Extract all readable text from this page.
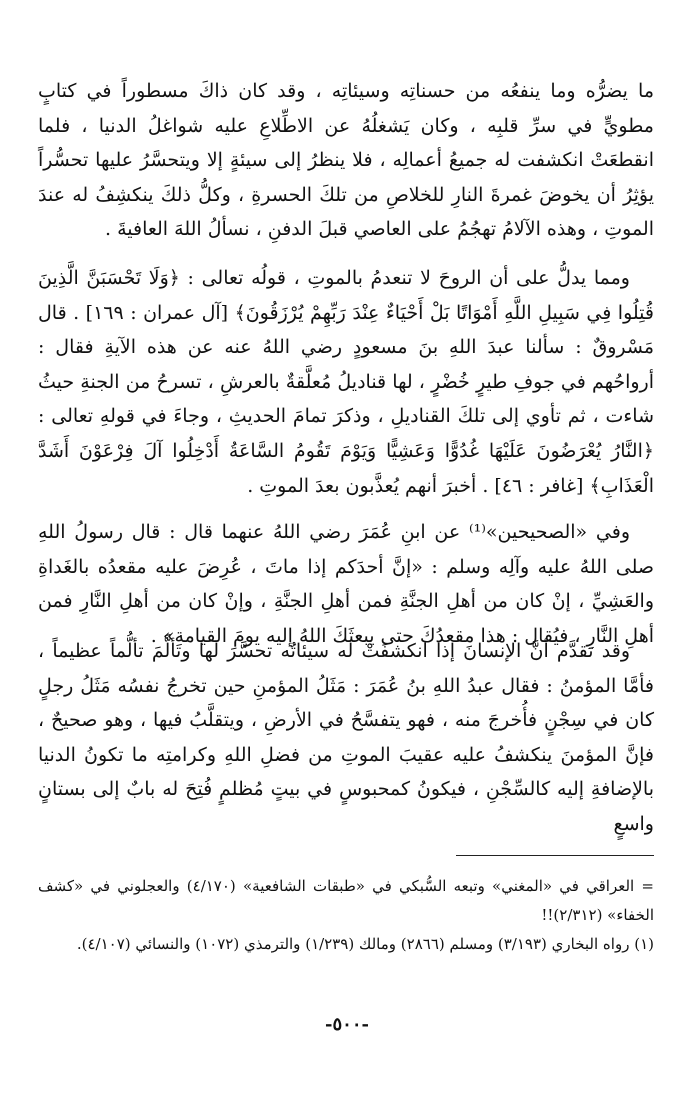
ما يضرُّه وما ينفعُه من حسناتِه وسيئاتِه ، وقد كان ذاكَ مسطوراً في كتابٍ مطويٍّ في سرِّ قلبِه ، وكان يَشغلُهُ عن الاطِّلاعِ عليه شواغلُ الدنيا ، فلما انقطعَتْ انكشفت له جميعُ أعمالِه ، فلا ينظرُ إلى سيئةٍ إلا ويتحسَّرُ عليها تحسُّراً يؤثِرُ أن يخوضَ غمرةَ النارِ للخلاصِ من تلكَ الحسرةِ ، وكلُّ ذلكَ ينكشِفُ له عندَ الموتِ ، وهذه الآلامُ تهجُمُ على العاصي قبلَ الدفنِ ، نسألُ اللهَ العافيةَ .

ومما يدلُّ على أن الروحَ لا تنعدمُ بالموتِ ، قولُه تعالى : ﴿وَلَا تَحْسَبَنَّ الَّذِينَ قُتِلُوا فِي سَبِيلِ اللَّهِ أَمْوَاتًا بَلْ أَحْيَاءٌ عِنْدَ رَبِّهِمْ يُرْزَقُونَ﴾ [آل عمران : ١٦٩] . قال مَسْروقٌ : سألنا عبدَ اللهِ بنَ مسعودٍ رضي اللهُ عنه عن هذه الآيةِ فقال : أرواحُهم في جوفِ طيرٍ خُضْرٍ ، لها قناديلُ مُعلَّقةٌ بالعرشِ ، تسرحُ من الجنةِ حيثُ شاءت ، ثم تأوي إلى تلكَ القناديلِ ، وذكرَ تمامَ الحديثِ ، وجاءَ في قولهِ تعالى : ﴿النَّارُ يُعْرَضُونَ عَلَيْهَا غُدُوًّا وَعَشِيًّا وَيَوْمَ تَقُومُ السَّاعَةُ أَدْخِلُوا آلَ فِرْعَوْنَ أَشَدَّ الْعَذَابِ﴾ [غافر : ٤٦] . أخبرَ أنهم يُعذَّبون بعدَ الموتِ .

وفي «الصحيحين»⁽¹⁾ عن ابنِ عُمَرَ رضي اللهُ عنهما قال : قال رسولُ اللهِ صلى اللهُ عليه وآلِه وسلم : «إنَّ أحدَكم إذا ماتَ ، عُرِضَ عليه مقعدُه بالغَداةِ والعَشِيِّ ، إنْ كان من أهلِ الجنَّةِ فمن أهلِ الجنَّةِ ، وإنْ كان من أهلِ النَّارِ فمن أهلِ النَّارِ ، فيُقال : هذا مقعدُكَ حتى يبعثَكَ اللهُ إليه يومَ القيامةِ» .

وقد تقدَّم أنَّ الإنسانَ إذا انكشفَتْ له سيئاتُه تحسَّرَ لها وتألَّمَ تألُّماً عظيماً ، فأمَّا المؤمنُ : فقال عبدُ اللهِ بنُ عُمَرَ : مَثَلُ المؤمنِ حين تخرجُ نفسُه مَثَلُ رجلٍ كان في سِجْنٍ فأُخرجَ منه ، فهو يتفسَّحُ في الأرضِ ، ويتقلَّبُ فيها ، وهو صحيحٌ ، فإنَّ المؤمنَ ينكشفُ عليه عقيبَ الموتِ من فضلِ اللهِ وكرامتِه ما تكونُ الدنيا بالإضافةِ إليه كالسِّجْنِ ، فيكونُ كمحبوسٍ في بيتٍ مُظلمٍ فُتِحَ له بابٌ إلى بستانٍ واسعٍ

= العراقي في «المغني» وتبعه السُّبكي في «طبقات الشافعية» (٤/١٧٠) والعجلوني في «كشف الخفاء» (٢/٣١٢)!!

(١) رواه البخاري (٣/١٩٣) ومسلم (٢٨٦٦) ومالك (١/٢٣٩) والترمذي (١٠٧٢) والنسائي (٤/١٠٧).

-٥٠٠-
